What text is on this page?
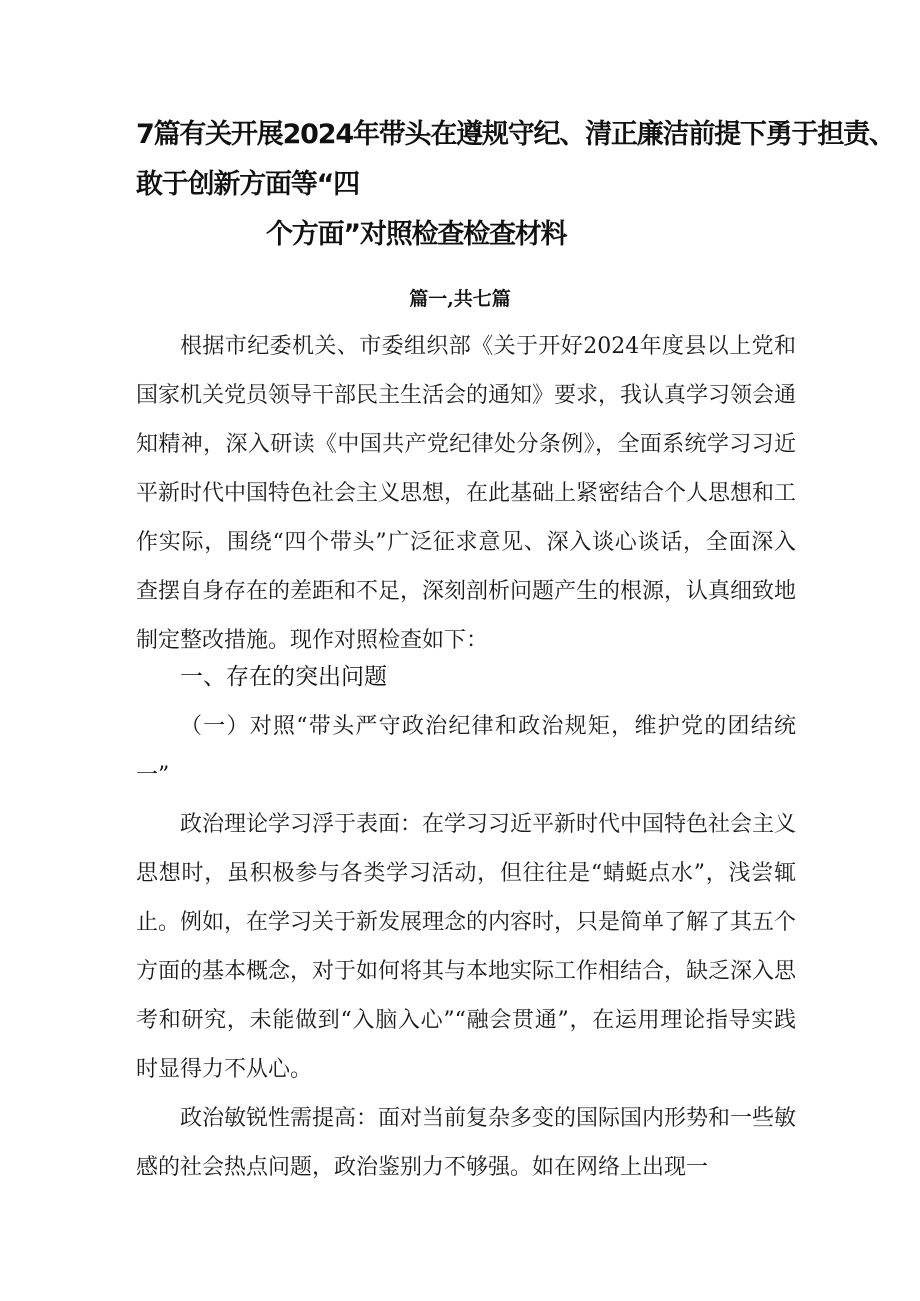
7篇有关开展2024年带头在遵规守纪、清正廉洁前提下勇于担责、
敢于创新方面等“四
个方面”对照检查检查材料
篇一,共七篇
根据市纪委机关、市委组织部《关于开好2024年度县以上党和国家机关党员领导干部民主生活会的通知》要求，我认真学习领会通知精神，深入研读《中国共产党纪律处分条例》，全面系统学习习近平新时代中国特色社会主义思想，在此基础上紧密结合个人思想和工作实际，围绕“四个带头”广泛征求意见、深入谈心谈话，全面深入查摆自身存在的差距和不足，深刻剖析问题产生的根源，认真细致地制定整改措施。现作对照检查如下：
一、存在的突出问题
（一）对照“带头严守政治纪律和政治规矩，维护党的团结统一”
政治理论学习浮于表面：在学习习近平新时代中国特色社会主义思想时，虽积极参与各类学习活动，但往往是“蜻蜓点水”，浅尝辄止。例如，在学习关于新发展理念的内容时，只是简单了解了其五个方面的基本概念，对于如何将其与本地实际工作相结合，缺乏深入思考和研究，未能做到“入脑入心”“融会贯通”，在运用理论指导实践时显得力不从心。
政治敏锐性需提高：面对当前复杂多变的国际国内形势和一些敏感的社会热点问题，政治鉴别力不够强。如在网络上出现一
